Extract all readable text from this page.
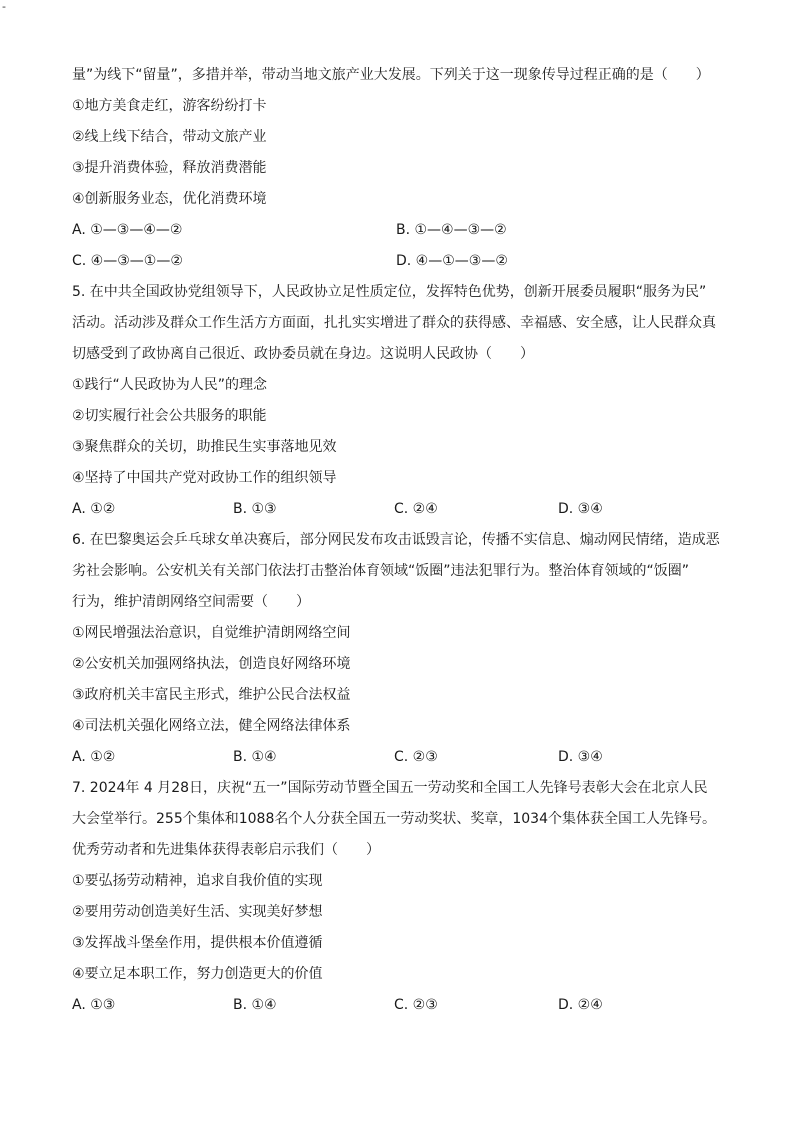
-
量”为线下“留量”，多措并举，带动当地文旅产业大发展。下列关于这一现象传导过程正确的是（　　）
①地方美食走红，游客纷纷打卡
②线上线下结合，带动文旅产业
③提升消费体验，释放消费潜能
④创新服务业态，优化消费环境
A. ①—③—④—②	B. ①—④—③—②
C. ④—③—①—②	D. ④—①—③—②
5. 在中共全国政协党组领导下，人民政协立足性质定位，发挥特色优势，创新开展委员履职“服务为民”
活动。活动涉及群众工作生活方方面面，扎扎实实增进了群众的获得感、幸福感、安全感，让人民群众真
切感受到了政协离自己很近、政协委员就在身边。这说明人民政协（　　）
①践行“人民政协为人民”的理念
②切实履行社会公共服务的职能
③聚焦群众的关切，助推民生实事落地见效
④坚持了中国共产党对政协工作的组织领导
A. ①②	B. ①③	C. ②④	D. ③④
6. 在巴黎奥运会乒乓球女单决赛后，部分网民发布攻击诋毁言论，传播不实信息、煽动网民情绪，造成恶
劣社会影响。公安机关有关部门依法打击整治体育领域“饭圈”违法犯罪行为。整治体育领域的“饭圈”
行为，维护清朗网络空间需要（　　）
①网民增强法治意识，自觉维护清朗网络空间
②公安机关加强网络执法，创造良好网络环境
③政府机关丰富民主形式，维护公民合法权益
④司法机关强化网络立法，健全网络法律体系
A. ①②	B. ①④	C. ②③	D. ③④
7. 2024年 4 月28日，庆祝“五一”国际劳动节暨全国五一劳动奖和全国工人先锋号表彰大会在北京人民
大会堂举行。255个集体和1088名个人分获全国五一劳动奖状、奖章，1034个集体获全国工人先锋号。
优秀劳动者和先进集体获得表彰启示我们（　　）
①要弘扬劳动精神，追求自我价值的实现
②要用劳动创造美好生活、实现美好梦想
③发挥战斗堡垒作用，提供根本价值遵循
④要立足本职工作，努力创造更大的价值
A. ①③	B. ①④	C. ②③	D. ②④
